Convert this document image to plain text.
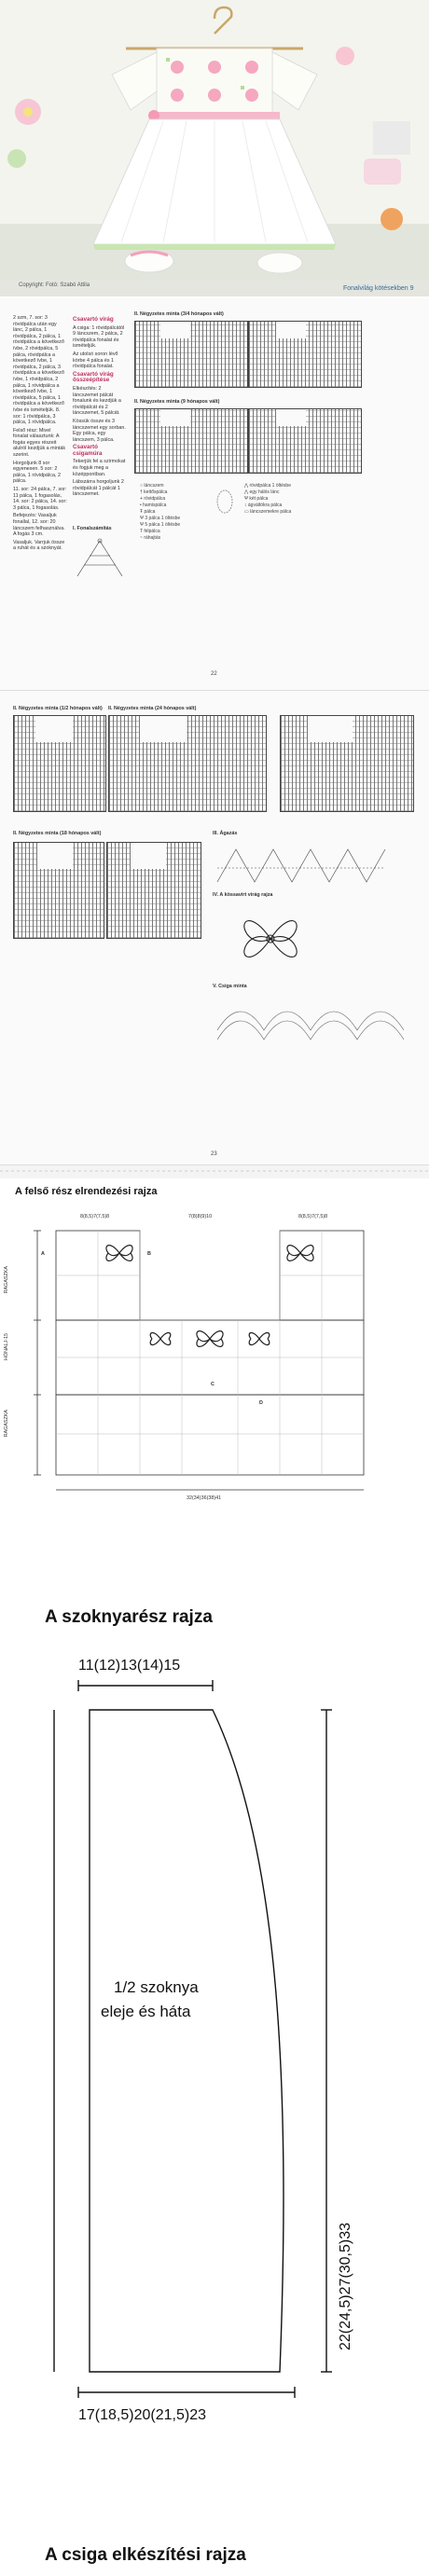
Copyright: Fotó: Szabó Attila	Fonalvilág kötésekben 9

2 szm, 7. sor: 3 rövidpálca után egy lánc, 2 pálca, 1 rövidpálca, 2 pálca, 1 rövidpálca a következő ívbe, 2 rövidpálca, 5 pálca, rövidpálca a következő ívbe, 1 rövidpálca, 2 pálca, 3 rövidpálca a következő ívbe, 1 rövidpálca, 2 pálca, 1 rövidpálca a következő ívbe, 1 rövidpálca, 5 pálca, 1 rövidpálca a következő ívbe és ismételjük. 8. sor: 1 rövidpálca, 3 pálca, 1 rövidpálca.

Felső rész: Mivel fonalat választunk: A fogás egyes részeit alulról kezdjük a minták szerint.

Horgoljunk 8 sor egyenesen. 5 sor: 2 pálca, 1 rövidpálca, 2 pálca.

11. sor: 24 pálca, 7. sor: 11 pálca, 1 fogasolás, 14. sor: 2 pálca, 14. sor: 3 pálca, 1 fogasolás.

Befejezés: Vasaljuk fonallal, 12. sor: 20 láncszem felhasználva. A fogás 3 cm.

Vasaljuk. Varrjuk össze a ruhát és a szoknyát.

Csavartó virág

A csiga: 1 rövidpálcától 9 láncszem, 2 pálca, 2 rövidpálca fonalat és ismételjük.

Az utolsó soron lévő körbe 4 pálca és 1 rövidpálca fonalat.

Csavartó virág összeépítése

Elkészítés: 2 láncszemet pálcát fonalunk és kezdjük a rövidpálcát és 2 láncszemet, 5 pálcát.

Kössük össze és 3 láncszemet egy sorban. Egy pálca, egy láncszem, 3 pálca.

Csavartó csigamúra

Tekerjük fel a szirmokat és fogjuk meg a középpontban.

Lábszárra horgoljunk 2 rövidpálcát 1 pálcát 1 láncszemet.

I. Fonalszámítás
II. Négyzetes minta (3/4 hónapos vált)
II. Négyzetes minta (9 hónapos vált)
○ láncszem
† kettőspálca
+ rövidpálca
• hamispálca
Ŧ pálca
Ѱ 3 pálca 1 öltésbe
Ѱ 5 pálca 1 öltésbe
T félpálca
~ ráhajtás
⋀ rövidpálca 1 öltésbe
⋀ egy hálós lánc
Ѱ két pálca
↕ ágváltókra pálca
▭ láncszemekre pálca
22
II. Négyzetes minta (1/2 hónapos vált) II. Négyzetes minta (24 hónapos vált)
II. Négyzetes minta (18 hónapos vált)	III. Ágazás
IV. A kössavirt virág rajza
V. Csiga minta
23
A felső rész elrendezési rajza
8(8,5)7(7,5)8	7(8)8(9)10	8(8,5)7(7,5)8
A	B
C
D
RAGASZKA
HÓNALJ-15
RAGASZKA
32(34)36(38)41
A szoknyarész rajza
11(12)13(14)15
1/2 szoknya
eleje és háta
22(24,5)27(30,5)33
17(18,5)20(21,5)23
A csiga elkészítési rajza
